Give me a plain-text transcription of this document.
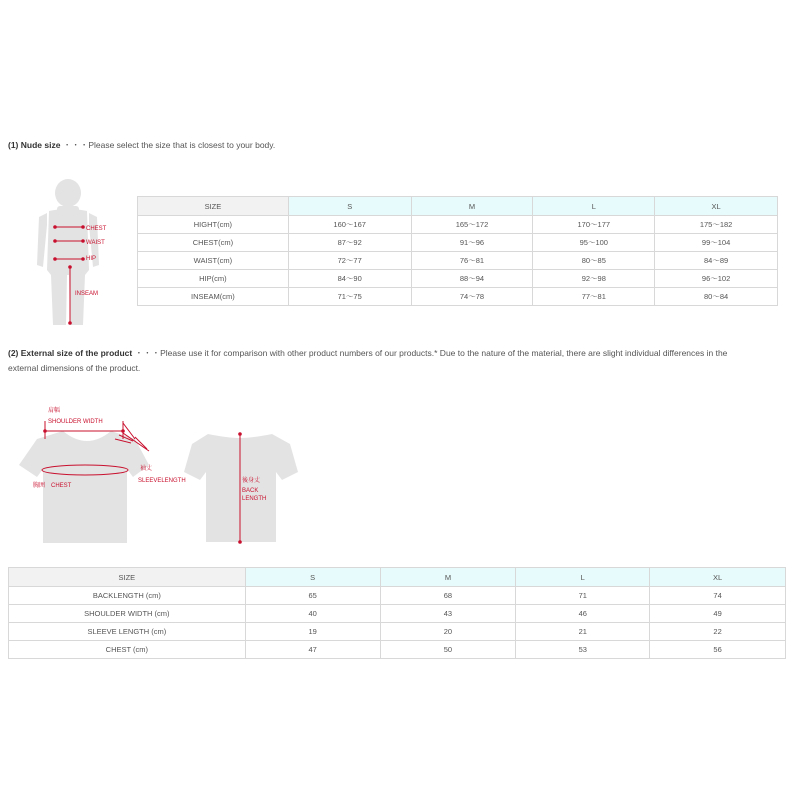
(1) Nude size ・・・Please select the size that is closest to your body.
CHEST
WAIST
HIP
INSEAM
SIZE	S	M	L	XL
HIGHT(cm)	160～167	165～172	170～177	175～182
CHEST(cm)	87～92	91～96	95～100	99～104
WAIST(cm)	72～77	76～81	80～85	84～89
HIP(cm)	84～90	88～94	92～98	96～102
INSEAM(cm)	71～75	74～78	77～81	80～84
(2) External size of the product ・・・Please use it for comparison with other product numbers of our products.* Due to the nature of the material, there are slight individual differences in the
external dimensions of the product.
肩幅
SHOULDER WIDTH
袖丈
SLEEVELENGTH
胸囲 CHEST
後身丈
BACK
LENGTH
SIZE	S	M	L	XL
BACKLENGTH (cm)	65	68	71	74
SHOULDER WIDTH (cm)	40	43	46	49
SLEEVE LENGTH (cm)	19	20	21	22
CHEST (cm)	47	50	53	56
